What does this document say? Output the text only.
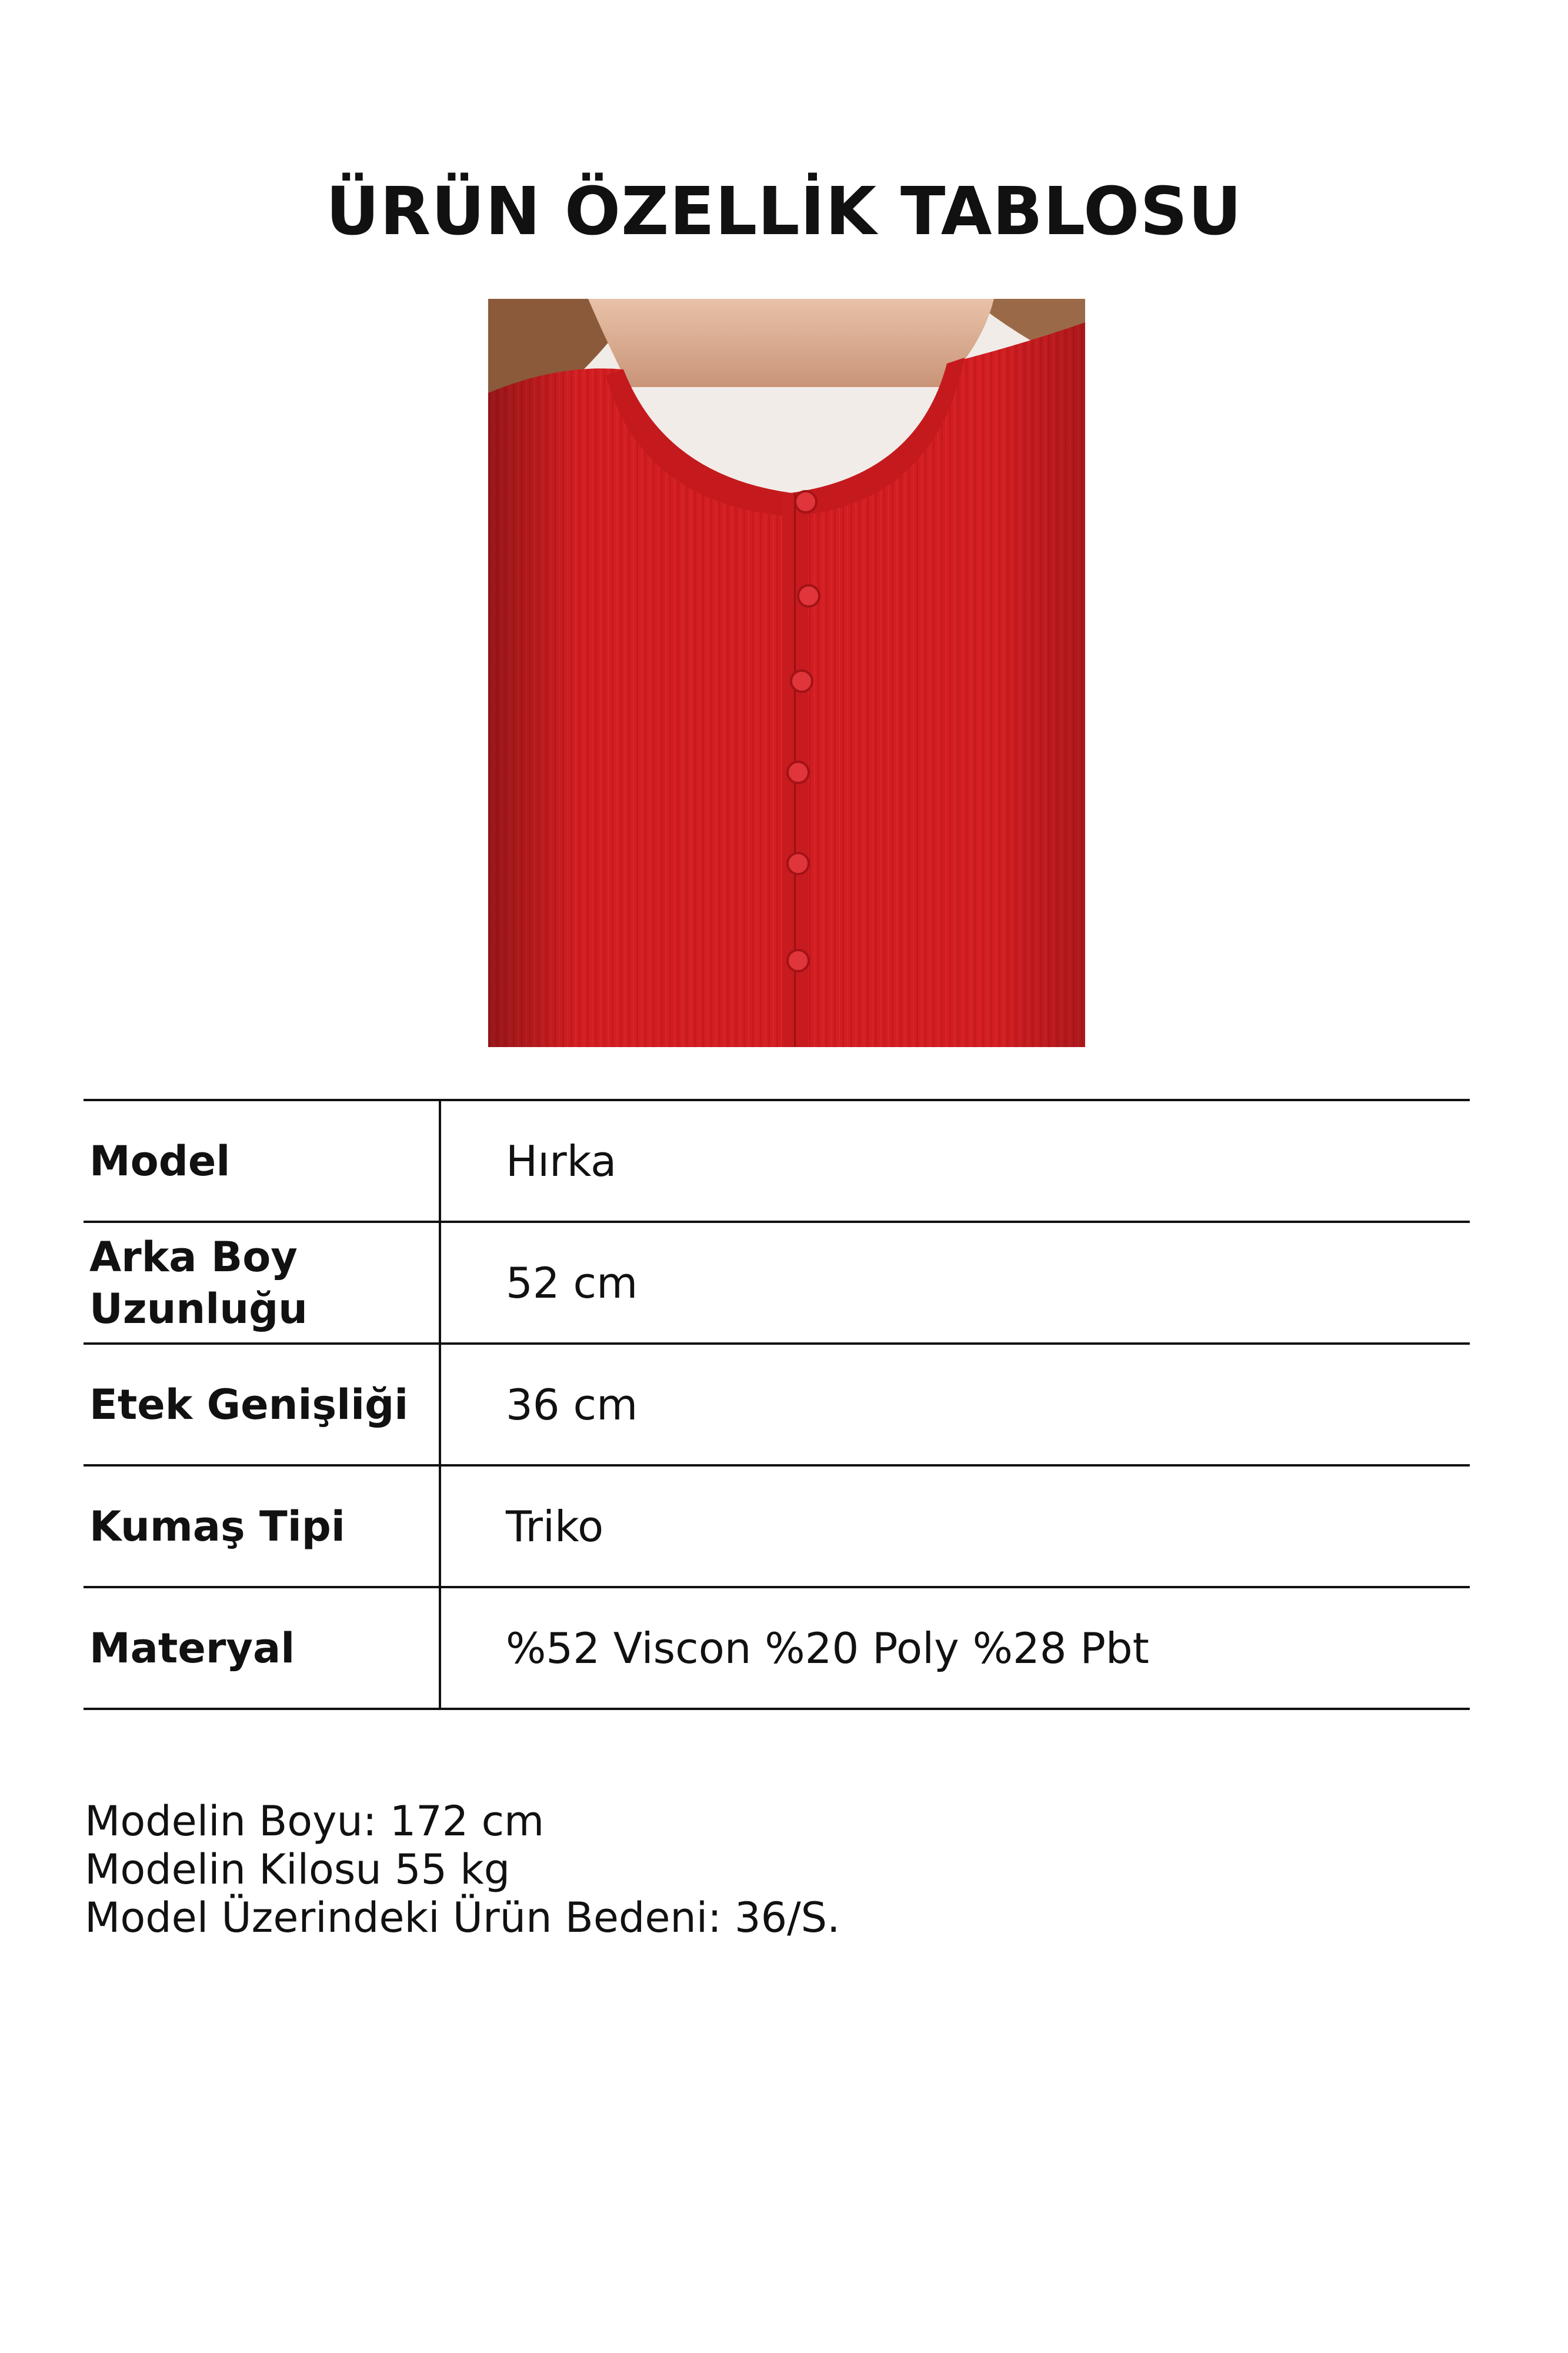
ÜRÜN ÖZELLİK TABLOSU
Model	Hırka
Arka Boy Uzunluğu	52 cm
Etek Genişliği	36 cm
Kumaş Tipi	Triko
Materyal	%52 Viscon %20 Poly %28 Pbt
Modelin Boyu: 172 cm
Modelin Kilosu 55 kg
Model Üzerindeki Ürün Bedeni: 36/S.
